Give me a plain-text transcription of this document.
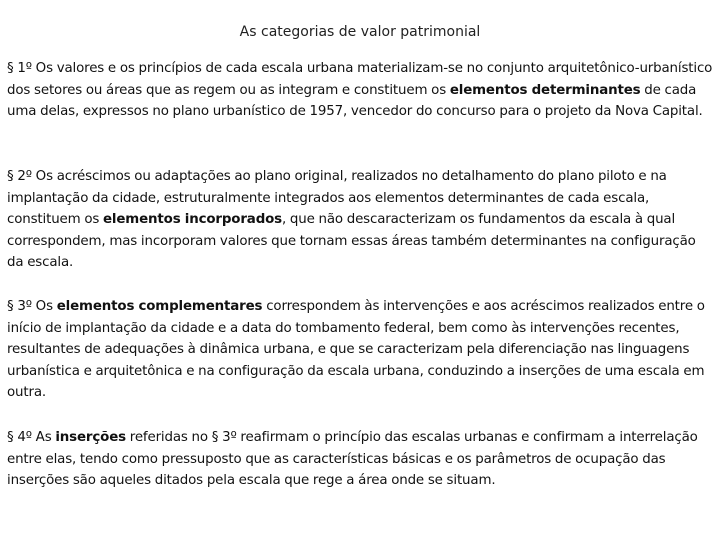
As categorias de valor patrimonial

§ 1º Os valores e os princípios de cada escala urbana materializam-se no conjunto arquitetônico-urbanístico dos setores ou áreas que as regem ou as integram e constituem os elementos determinantes de cada uma delas, expressos no plano urbanístico de 1957, vencedor do concurso para o projeto da Nova Capital.

§ 2º Os acréscimos ou adaptações ao plano original, realizados no detalhamento do plano piloto e na implantação da cidade, estruturalmente integrados aos elementos determinantes de cada escala, constituem os elementos incorporados, que não descaracterizam os fundamentos da escala à qual correspondem, mas incorporam valores que tornam essas áreas também determinantes na configuração da escala.

§ 3º Os elementos complementares correspondem às intervenções e aos acréscimos realizados entre o início de implantação da cidade e a data do tombamento federal, bem como às intervenções recentes, resultantes de adequações à dinâmica urbana, e que se caracterizam pela diferenciação nas linguagens urbanística e arquitetônica e na configuração da escala urbana, conduzindo a inserções de uma escala em outra.

§ 4º As inserções referidas no § 3º reafirmam o princípio das escalas urbanas e confirmam a interrelação entre elas, tendo como pressuposto que as características básicas e os parâmetros de ocupação das inserções são aqueles ditados pela escala que rege a área onde se situam.
